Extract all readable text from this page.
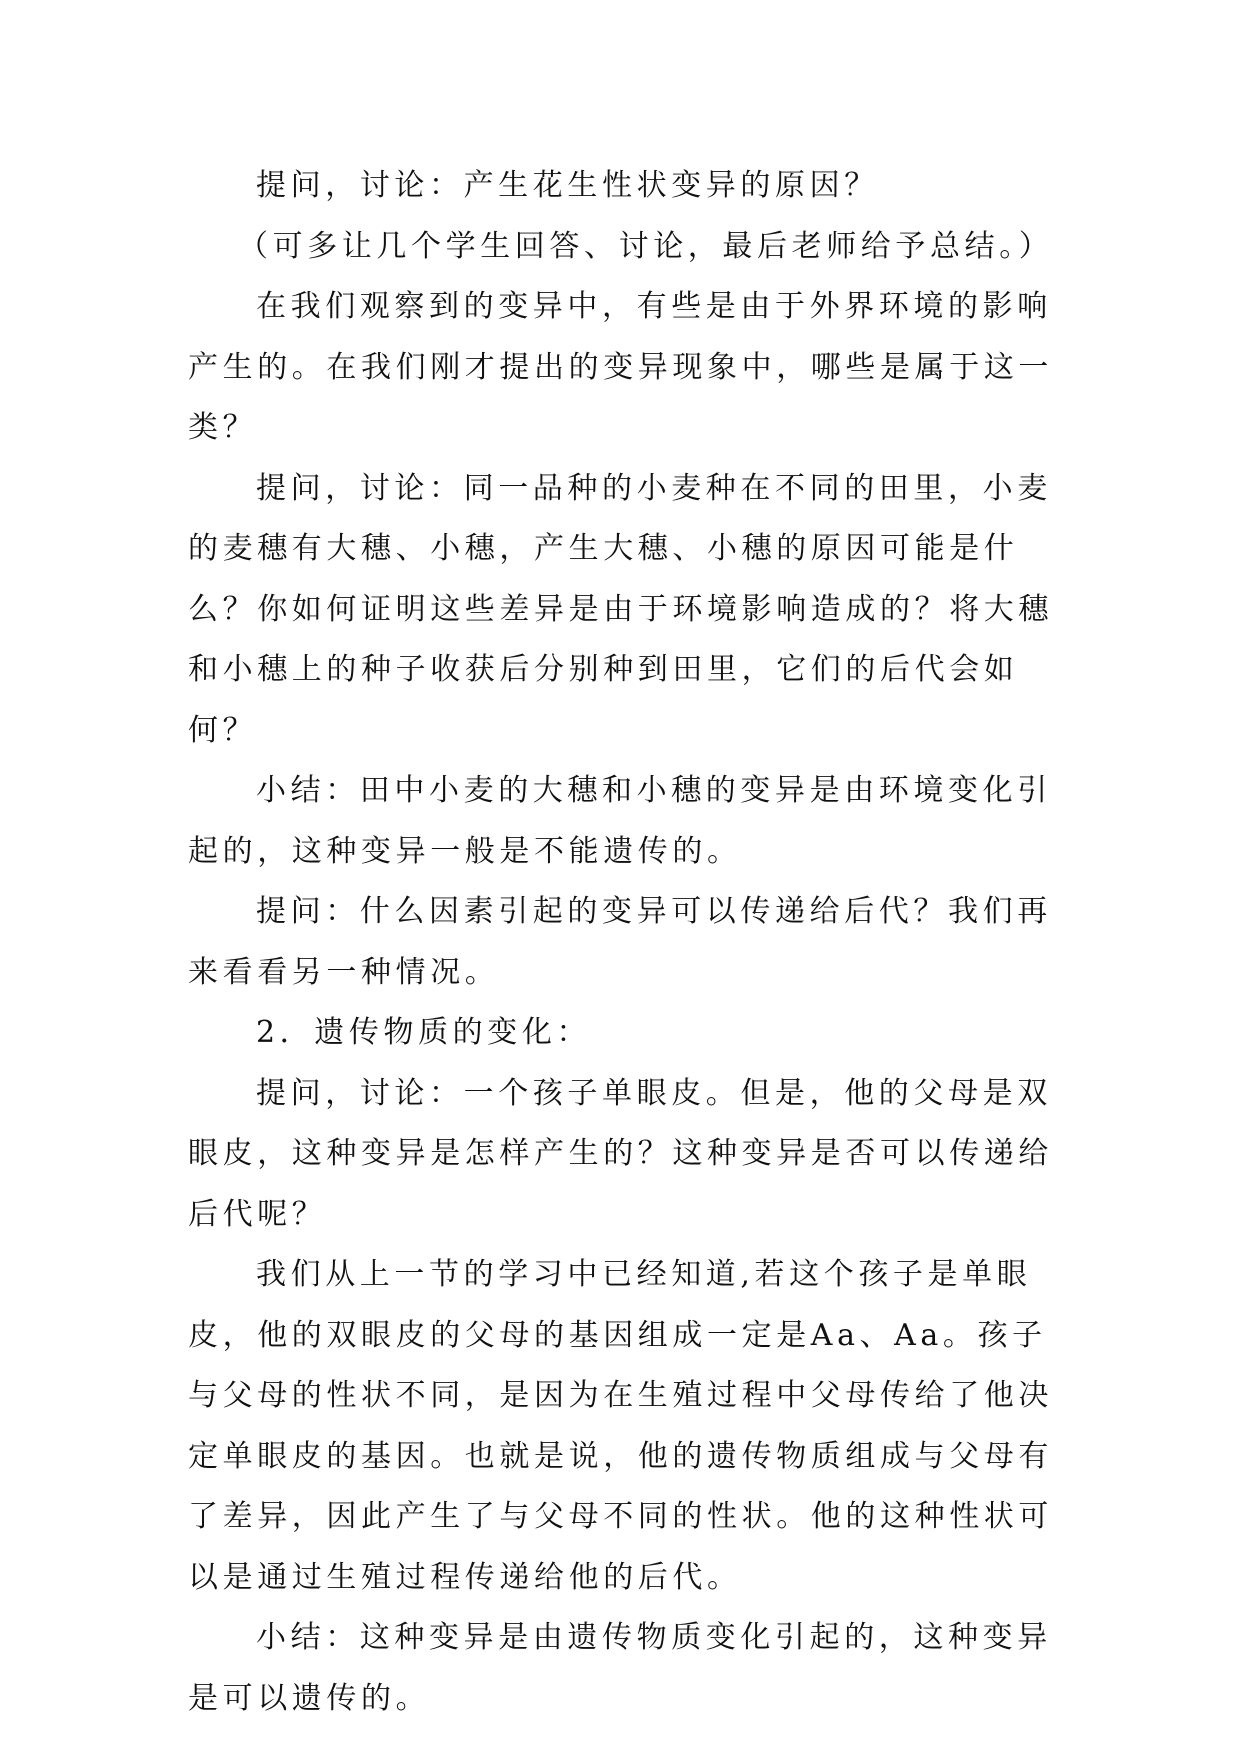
提问，讨论：产生花生性状变异的原因？

（可多让几个学生回答、讨论，最后老师给予总结。）

在我们观察到的变异中，有些是由于外界环境的影响产生的。在我们刚才提出的变异现象中，哪些是属于这一类？

提问，讨论：同一品种的小麦种在不同的田里，小麦的麦穗有大穗、小穗，产生大穗、小穗的原因可能是什么？你如何证明这些差异是由于环境影响造成的？将大穗和小穗上的种子收获后分别种到田里，它们的后代会如何？

小结：田中小麦的大穗和小穗的变异是由环境变化引起的，这种变异一般是不能遗传的。

提问：什么因素引起的变异可以传递给后代？我们再来看看另一种情况。

2．遗传物质的变化：

提问，讨论：一个孩子单眼皮。但是，他的父母是双眼皮，这种变异是怎样产生的？这种变异是否可以传递给后代呢？

我们从上一节的学习中已经知道,若这个孩子是单眼皮，他的双眼皮的父母的基因组成一定是Aa、Aa。孩子与父母的性状不同，是因为在生殖过程中父母传给了他决定单眼皮的基因。也就是说，他的遗传物质组成与父母有了差异，因此产生了与父母不同的性状。他的这种性状可以是通过生殖过程传递给他的后代。

小结：这种变异是由遗传物质变化引起的，这种变异是可以遗传的。
